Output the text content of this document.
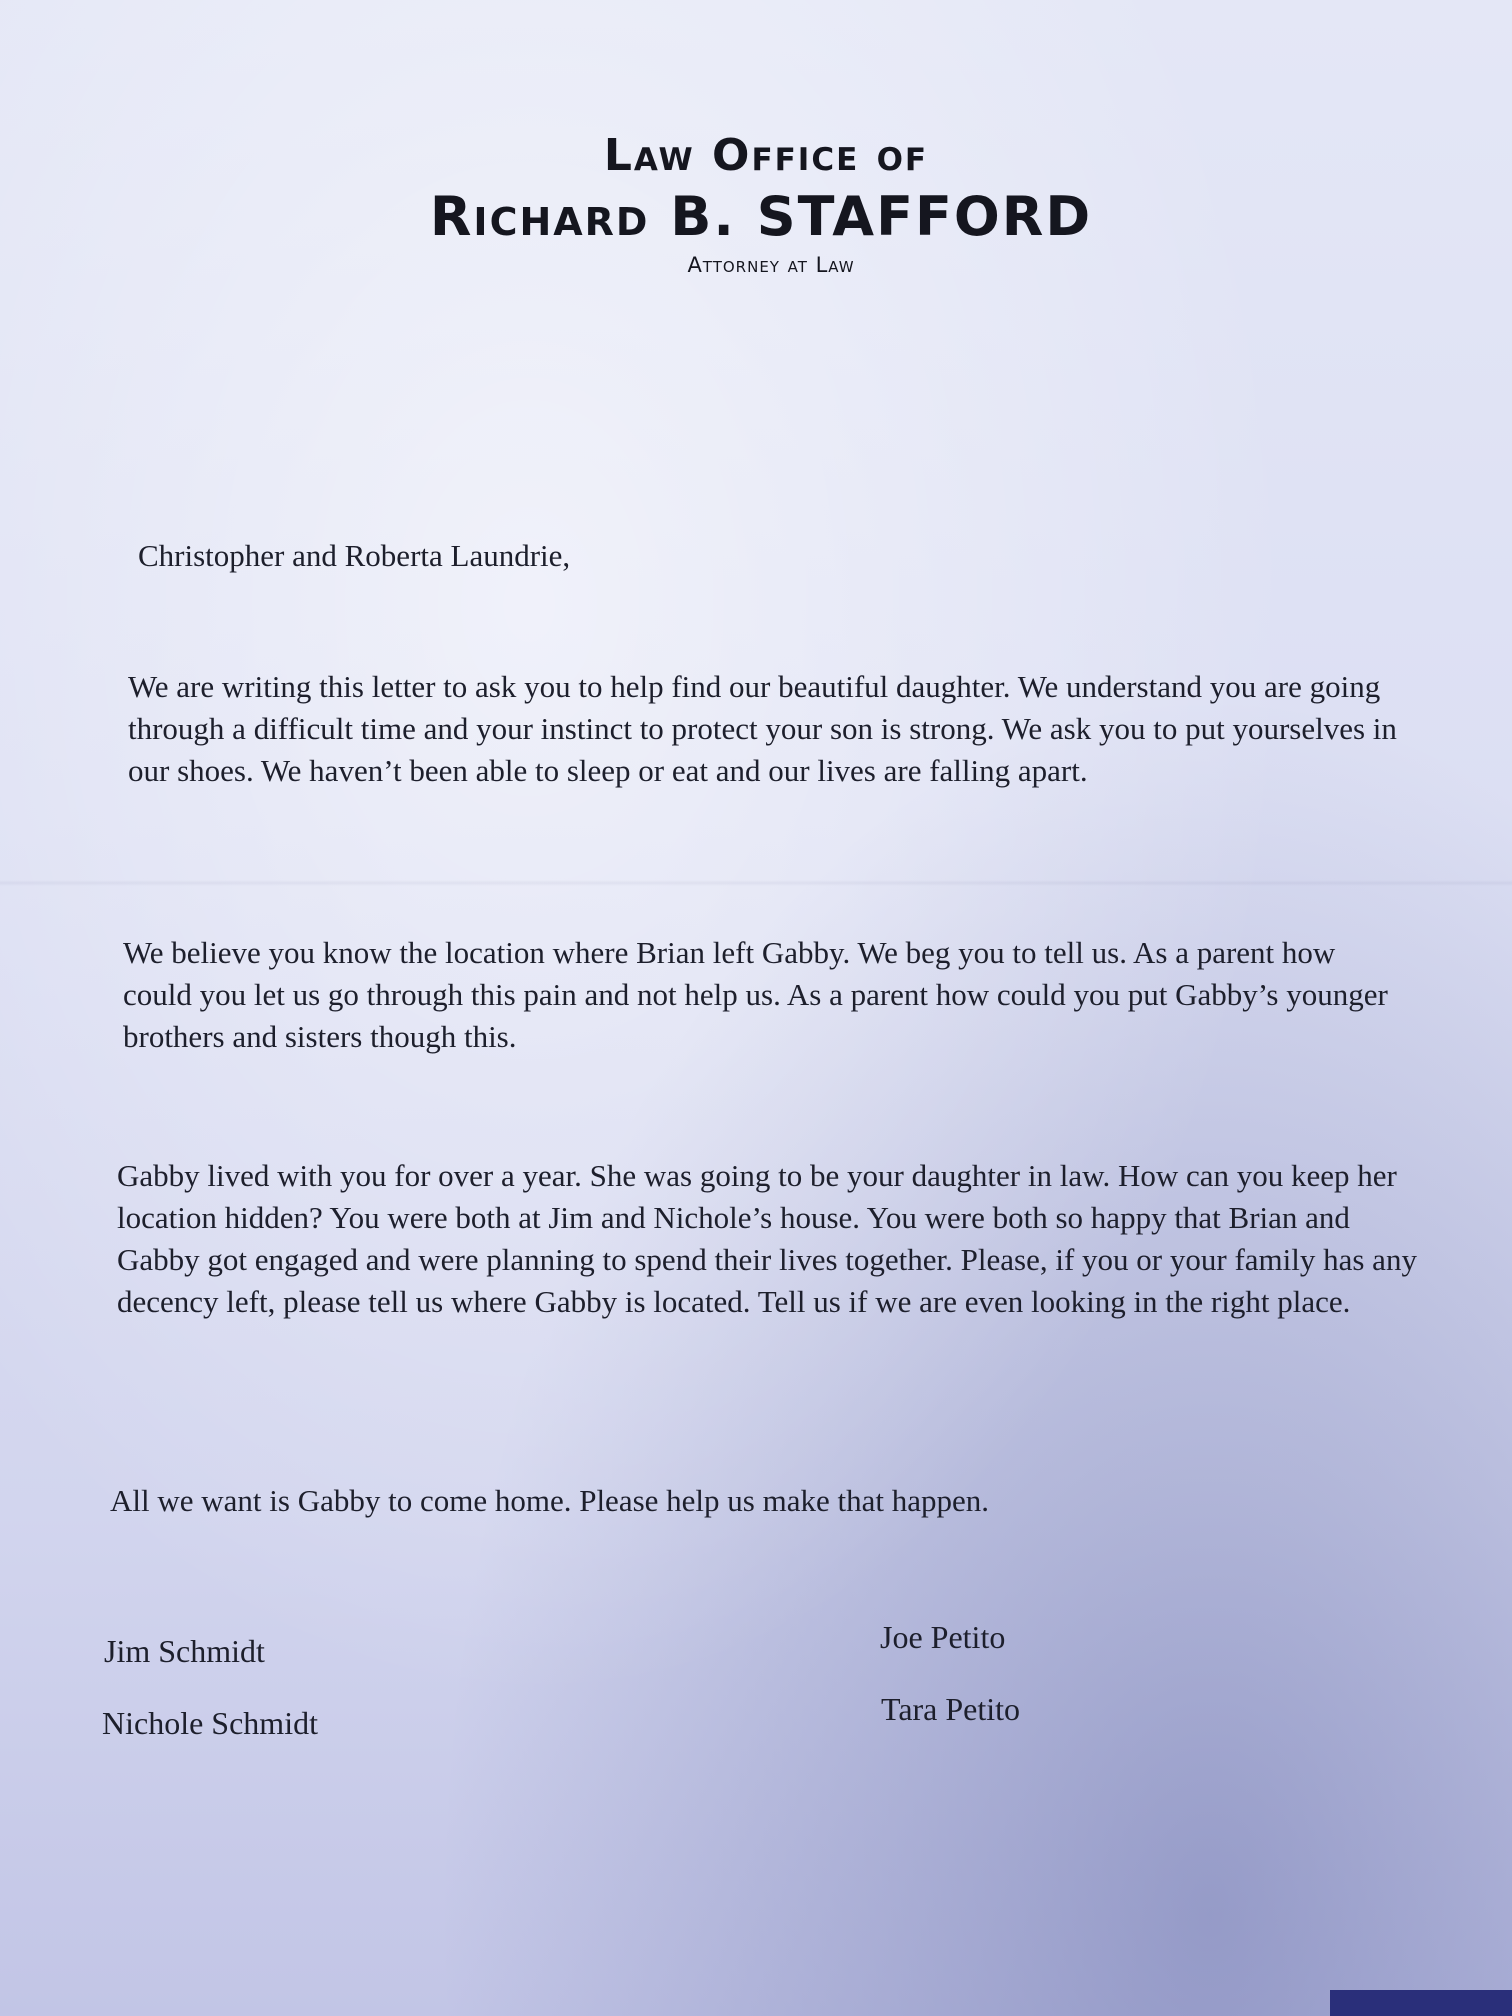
Law Office of
Richard B. STAFFORD
Attorney at Law

Christopher and Roberta Laundrie,

We are writing this letter to ask you to help find our beautiful daughter. We understand you are going through a difficult time and your instinct to protect your son is strong. We ask you to put yourselves in our shoes. We haven’t been able to sleep or eat and our lives are falling apart.

We believe you know the location where Brian left Gabby. We beg you to tell us. As a parent how could you let us go through this pain and not help us. As a parent how could you put Gabby’s younger brothers and sisters though this.

Gabby lived with you for over a year. She was going to be your daughter in law. How can you keep her location hidden? You were both at Jim and Nichole’s house. You were both so happy that Brian and Gabby got engaged and were planning to spend their lives together. Please, if you or your family has any decency left, please tell us where Gabby is located. Tell us if we are even looking in the right place.

All we want is Gabby to come home. Please help us make that happen.

Jim Schmidt
Nichole Schmidt
Joe Petito
Tara Petito
